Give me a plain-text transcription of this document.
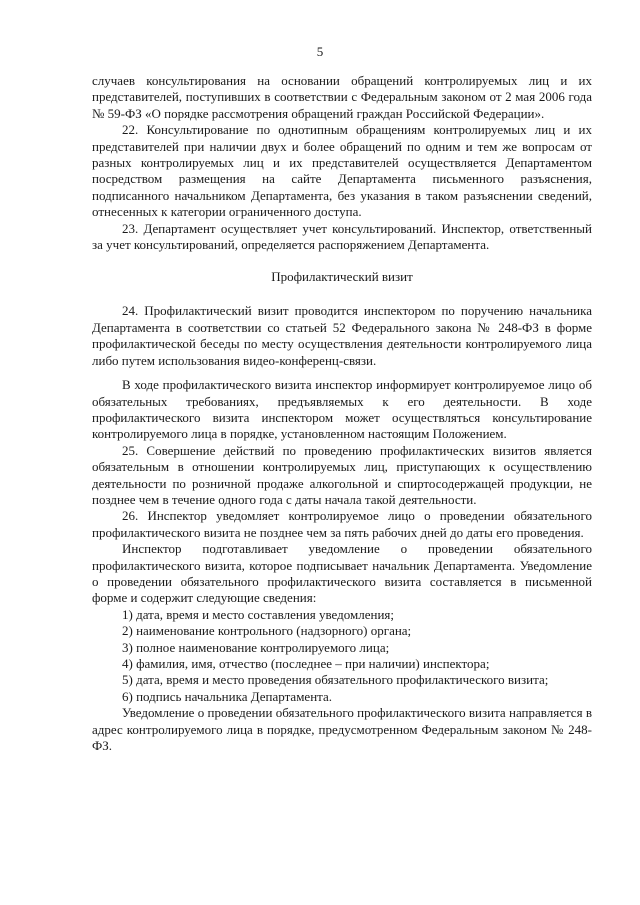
5

случаев консультирования на основании обращений контролируемых лиц и их представителей, поступивших в соответствии с Федеральным законом от 2 мая 2006 года № 59-ФЗ «О порядке рассмотрения обращений граждан Российской Федерации».

22. Консультирование по однотипным обращениям контролируемых лиц и их представителей при наличии двух и более обращений по одним и тем же вопросам от разных контролируемых лиц и их представителей осуществляется Департаментом посредством размещения на сайте Департамента письменного разъяснения, подписанного начальником Департамента, без указания в таком разъяснении сведений, отнесенных к категории ограниченного доступа.

23. Департамент осуществляет учет консультирований. Инспектор, ответственный за учет консультирований, определяется распоряжением Департамента.

Профилактический визит

24. Профилактический визит проводится инспектором по поручению начальника Департамента в соответствии со статьей 52 Федерального закона № 248-ФЗ в форме профилактической беседы по месту осуществления деятельности контролируемого лица либо путем использования видео-конференц-связи.

В ходе профилактического визита инспектор информирует контролируемое лицо об обязательных требованиях, предъявляемых к его деятельности. В ходе профилактического визита инспектором может осуществляться консультирование контролируемого лица в порядке, установленном настоящим Положением.

25. Совершение действий по проведению профилактических визитов является обязательным в отношении контролируемых лиц, приступающих к осуществлению деятельности по розничной продаже алкогольной и спиртосодержащей продукции, не позднее чем в течение одного года с даты начала такой деятельности.

26. Инспектор уведомляет контролируемое лицо о проведении обязательного профилактического визита не позднее чем за пять рабочих дней до даты его проведения.

Инспектор подготавливает уведомление о проведении обязательного профилактического визита, которое подписывает начальник Департамента. Уведомление о проведении обязательного профилактического визита составляется в письменной форме и содержит следующие сведения:

1) дата, время и место составления уведомления;

2) наименование контрольного (надзорного) органа;

3) полное наименование контролируемого лица;

4) фамилия, имя, отчество (последнее – при наличии) инспектора;

5) дата, время и место проведения обязательного профилактического визита;

6) подпись начальника Департамента.

Уведомление о проведении обязательного профилактического визита направляется в адрес контролируемого лица в порядке, предусмотренном Федеральным законом № 248-ФЗ.
